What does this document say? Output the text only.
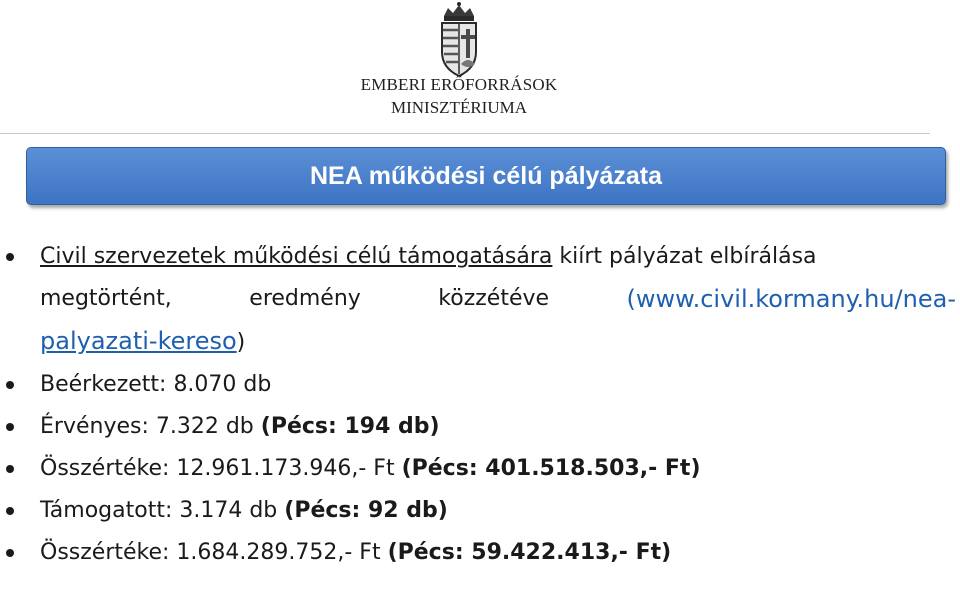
EMBERI ERŐFORRÁSOK
MINISZTÉRIUMA
NEA működési célú pályázata
Civil szervezetek működési célú támogatására kiírt pályázat elbírálása
megtörtént,	eredmény	közzétéve	(www.civil.kormany.hu/nea-
palyazati-kereso)
Beérkezett: 8.070 db
Érvényes: 7.322 db (Pécs: 194 db)
Összértéke: 12.961.173.946,- Ft (Pécs: 401.518.503,- Ft)
Támogatott: 3.174 db (Pécs: 92 db)
Összértéke: 1.684.289.752,- Ft (Pécs: 59.422.413,- Ft)
